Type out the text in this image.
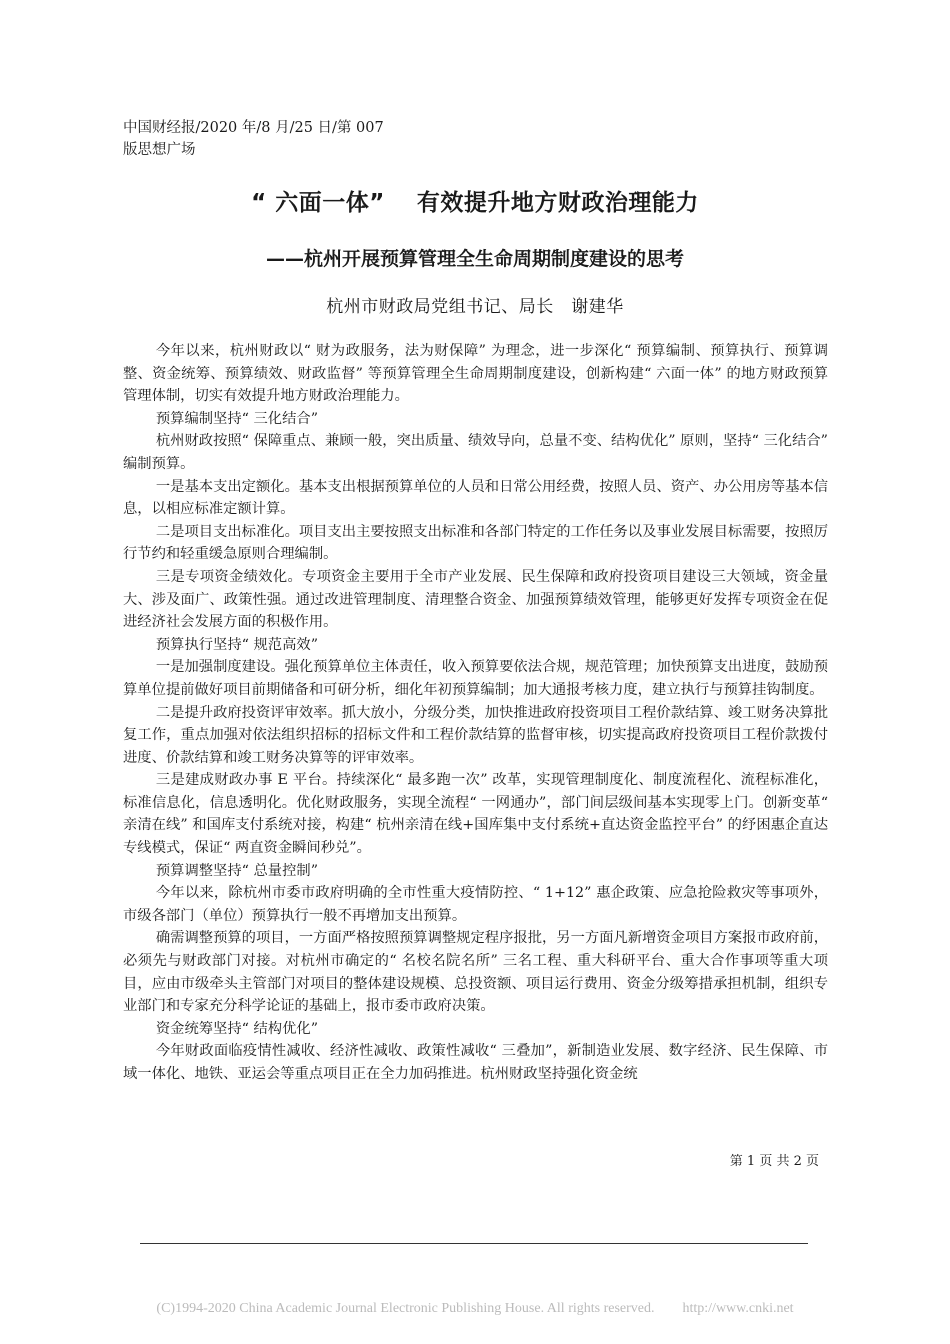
中国财经报/2020 年/8 月/25 日/第 007
版思想广场
“ 六面一体”　 有效提升地方财政治理能力
——杭州开展预算管理全生命周期制度建设的思考
杭州市财政局党组书记、局长　谢建华

今年以来，杭州财政以“ 财为政服务，法为财保障” 为理念，进一步深化“ 预算编制、预算执行、预算调整、资金统筹、预算绩效、财政监督” 等预算管理全生命周期制度建设，创新构建“ 六面一体” 的地方财政预算管理体制，切实有效提升地方财政治理能力。

预算编制坚持“ 三化结合”

杭州财政按照“ 保障重点、兼顾一般，突出质量、绩效导向，总量不变、结构优化” 原则，坚持“ 三化结合” 编制预算。

一是基本支出定额化。基本支出根据预算单位的人员和日常公用经费，按照人员、资产、办公用房等基本信息，以相应标准定额计算。

二是项目支出标准化。项目支出主要按照支出标准和各部门特定的工作任务以及事业发展目标需要，按照厉行节约和轻重缓急原则合理编制。

三是专项资金绩效化。专项资金主要用于全市产业发展、民生保障和政府投资项目建设三大领域，资金量大、涉及面广、政策性强。通过改进管理制度、清理整合资金、加强预算绩效管理，能够更好发挥专项资金在促进经济社会发展方面的积极作用。

预算执行坚持“ 规范高效”

一是加强制度建设。强化预算单位主体责任，收入预算要依法合规，规范管理；加快预算支出进度，鼓励预算单位提前做好项目前期储备和可研分析，细化年初预算编制；加大通报考核力度，建立执行与预算挂钩制度。

二是提升政府投资评审效率。抓大放小，分级分类，加快推进政府投资项目工程价款结算、竣工财务决算批复工作，重点加强对依法组织招标的招标文件和工程价款结算的监督审核，切实提高政府投资项目工程价款拨付进度、价款结算和竣工财务决算等的评审效率。

三是建成财政办事 E 平台。持续深化“ 最多跑一次” 改革，实现管理制度化、制度流程化、流程标准化，标准信息化，信息透明化。优化财政服务，实现全流程“ 一网通办”，部门间层级间基本实现零上门。创新变革“ 亲清在线” 和国库支付系统对接，构建“ 杭州亲清在线+国库集中支付系统+直达资金监控平台” 的纾困惠企直达专线模式，保证“ 两直资金瞬间秒兑”。

预算调整坚持“ 总量控制”

今年以来，除杭州市委市政府明确的全市性重大疫情防控、“ 1+12” 惠企政策、应急抢险救灾等事项外，市级各部门（单位）预算执行一般不再增加支出预算。

确需调整预算的项目，一方面严格按照预算调整规定程序报批，另一方面凡新增资金项目方案报市政府前，必须先与财政部门对接。对杭州市确定的“ 名校名院名所” 三名工程、重大科研平台、重大合作事项等重大项目，应由市级牵头主管部门对项目的整体建设规模、总投资额、项目运行费用、资金分级筹措承担机制，组织专业部门和专家充分科学论证的基础上，报市委市政府决策。

资金统筹坚持“ 结构优化”

今年财政面临疫情性减收、经济性减收、政策性减收“ 三叠加”，新制造业发展、数字经济、民生保障、市域一体化、地铁、亚运会等重点项目正在全力加码推进。杭州财政坚持强化资金统

第 1 页 共 2 页
(C)1994-2020 China Academic Journal Electronic Publishing House. All rights reserved.　　http://www.cnki.net
